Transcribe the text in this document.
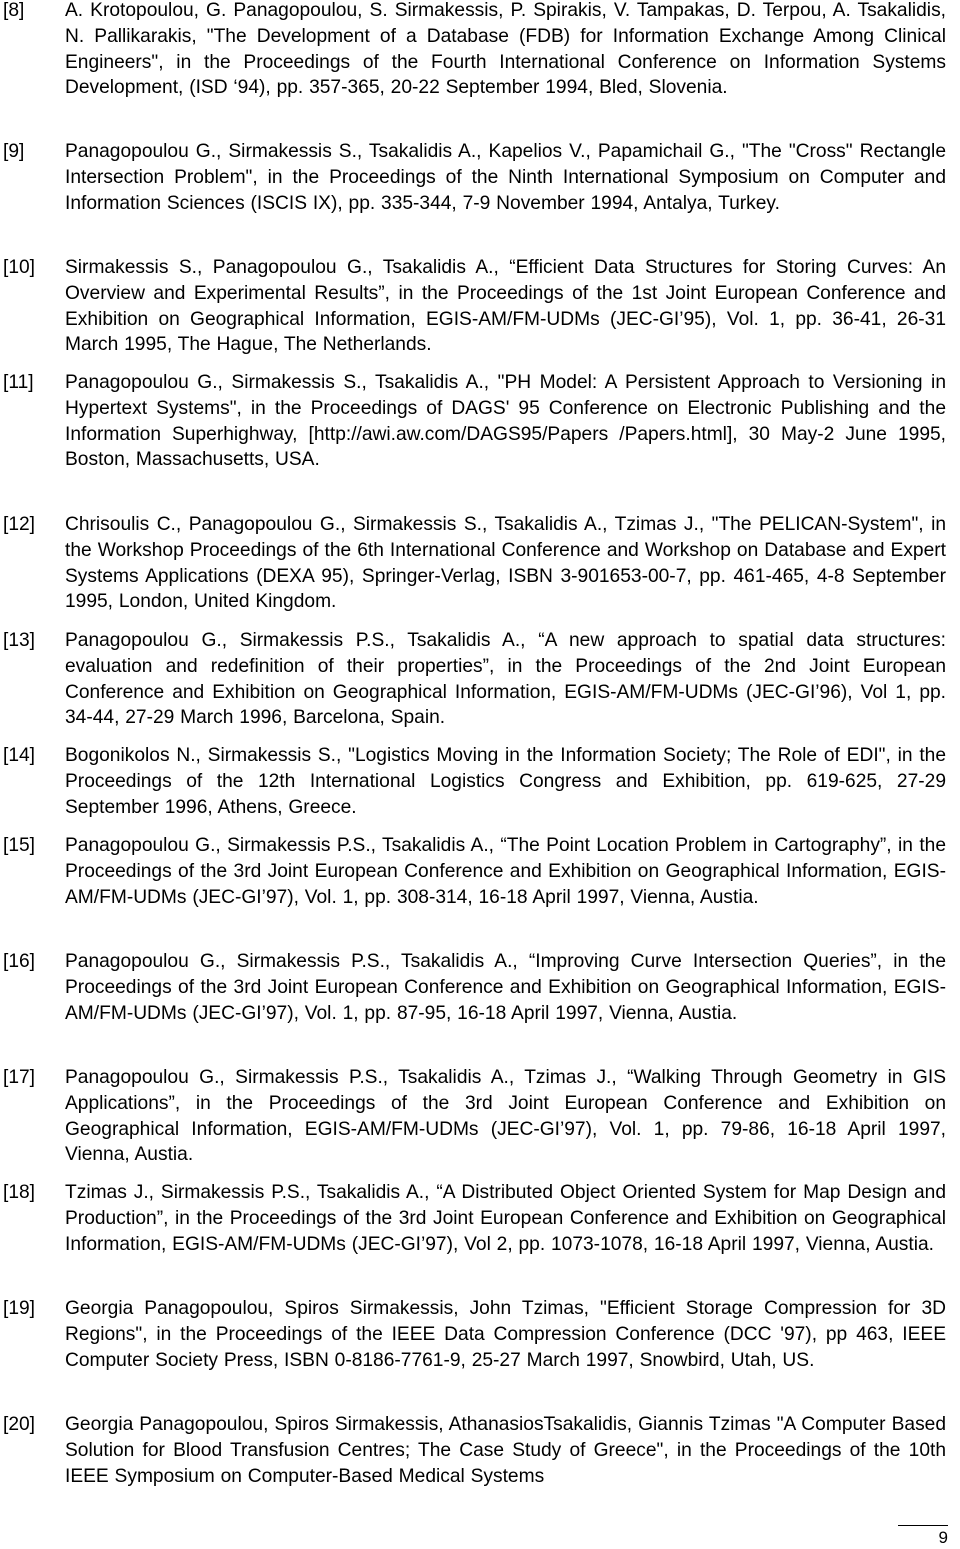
[8] A. Krotopoulou, G. Panagopoulou, S. Sirmakessis, P. Spirakis, V. Tampakas, D. Terpou, A. Tsakalidis, N. Pallikarakis, "The Development of a Database (FDB) for Information Exchange Among Clinical Engineers", in the Proceedings of the Fourth International Conference on Information Systems Development, (ISD ‘94), pp. 357-365, 20-22 September 1994, Bled, Slovenia.
[9] Panagopoulou G., Sirmakessis S., Tsakalidis A., Kapelios V., Papamichail G., "The "Cross" Rectangle Intersection Problem", in the Proceedings of the Ninth International Symposium on Computer and Information Sciences (ISCIS IX), pp. 335-344, 7-9 November 1994, Antalya, Turkey.
[10] Sirmakessis S., Panagopoulou G., Tsakalidis A., “Efficient Data Structures for Storing Curves: An Overview and Experimental Results”, in the Proceedings of the 1st Joint European Conference and Exhibition on Geographical Information, EGIS-AM/FM-UDMs (JEC-GI’95), Vol. 1, pp. 36-41, 26-31 March 1995, The Hague, The Netherlands.
[11] Panagopoulou G., Sirmakessis S., Tsakalidis A., "PH Model: A Persistent Approach to Versioning in Hypertext Systems", in the Proceedings of DAGS' 95 Conference on Electronic Publishing and the Information Superhighway, [http://awi.aw.com/DAGS95/Papers /Papers.html], 30 May-2 June 1995, Boston, Massachusetts, USA.
[12] Chrisoulis C., Panagopoulou G., Sirmakessis S., Tsakalidis A., Tzimas J., "The PELICAN-System", in the Workshop Proceedings of the 6th International Conference and Workshop on Database and Expert Systems Applications (DEXA 95), Springer-Verlag, ISBN 3-901653-00-7, pp. 461-465, 4-8 September 1995, London, United Kingdom.
[13] Panagopoulou G., Sirmakessis P.S., Tsakalidis A., “A new approach to spatial data structures: evaluation and redefinition of their properties”, in the Proceedings of the 2nd Joint European Conference and Exhibition on Geographical Information, EGIS-AM/FM-UDMs (JEC-GI’96), Vol 1, pp. 34-44, 27-29 March 1996, Barcelona, Spain.
[14] Bogonikolos N., Sirmakessis S., "Logistics Moving in the Information Society; The Role of EDI", in the Proceedings of the 12th International Logistics Congress and Exhibition, pp. 619-625, 27-29 September 1996, Athens, Greece.
[15] Panagopoulou G., Sirmakessis P.S., Tsakalidis A., “The Point Location Problem in Cartography”, in the Proceedings of the 3rd Joint European Conference and Exhibition on Geographical Information, EGIS-AM/FM-UDMs (JEC-GI’97), Vol. 1, pp. 308-314, 16-18 April 1997, Vienna, Austia.
[16] Panagopoulou G., Sirmakessis P.S., Tsakalidis A., “Improving Curve Intersection Queries”, in the Proceedings of the 3rd Joint European Conference and Exhibition on Geographical Information, EGIS-AM/FM-UDMs (JEC-GI’97), Vol. 1, pp. 87-95, 16-18 April 1997, Vienna, Austia.
[17] Panagopoulou G., Sirmakessis P.S., Tsakalidis A., Tzimas J., “Walking Through Geometry in GIS Applications”, in the Proceedings of the 3rd Joint European Conference and Exhibition on Geographical Information, EGIS-AM/FM-UDMs (JEC-GI’97), Vol. 1, pp. 79-86, 16-18 April 1997, Vienna, Austia.
[18] Tzimas J., Sirmakessis P.S., Tsakalidis A., “A Distributed Object Oriented System for Map Design and Production”, in the Proceedings of the 3rd Joint European Conference and Exhibition on Geographical Information, EGIS-AM/FM-UDMs (JEC-GI’97), Vol 2, pp. 1073-1078, 16-18 April 1997, Vienna, Austia.
[19] Georgia Panagopoulou, Spiros Sirmakessis, John Tzimas, "Efficient Storage Compression for 3D Regions", in the Proceedings of the IEEE Data Compression Conference (DCC '97), pp 463, IEEE Computer Society Press, ISBN 0-8186-7761-9, 25-27 March 1997, Snowbird, Utah, US.
[20] Georgia Panagopoulou, Spiros Sirmakessis, AthanasiosTsakalidis, Giannis Tzimas "A Computer Based Solution for Blood Transfusion Centres; The Case Study of Greece", in the Proceedings of the 10th IEEE Symposium on Computer-Based Medical Systems
9
